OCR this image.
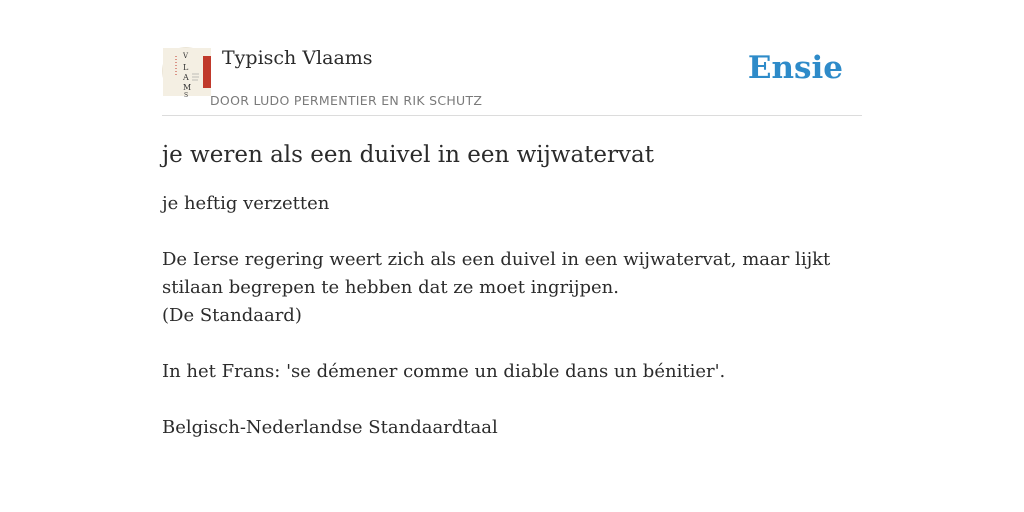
V
L
A
M
S
Typisch Vlaams
DOOR LUDO PERMENTIER EN RIK SCHUTZ
Ensie
je weren als een duivel in een wijwatervat

je heftig verzetten

De Ierse regering weert zich als een duivel in een wijwatervat, maar lijkt stilaan begrepen te hebben dat ze moet ingrijpen.

(De Standaard)

In het Frans: 'se démener comme un diable dans un bénitier'.

Belgisch-Nederlandse Standaardtaal
